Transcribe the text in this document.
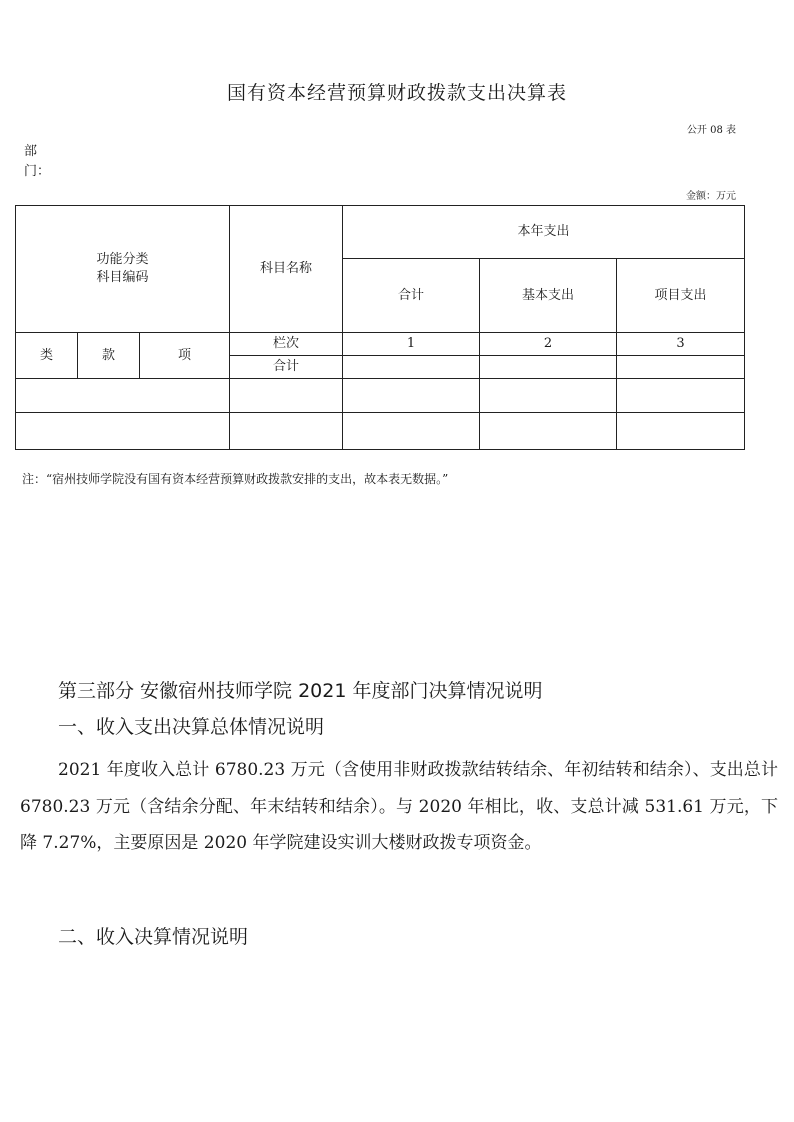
国有资本经营预算财政拨款支出决算表
公开 08 表
部门：
金额：万元
功能分类
科目编码			科目名称	本年支出		
				合计	基本支出	项目支出
类	款	项	栏次	1	2	3
			合计			

注：“宿州技师学院没有国有资本经营预算财政拨款安排的支出，故本表无数据。”
第三部分 安徽宿州技师学院 2021 年度部门决算情况说明
一、收入支出决算总体情况说明
2021 年度收入总计 6780.23 万元（含使用非财政拨款结转结余、年初结转和结余）、支出总计 6780.23 万元（含结余分配、年末结转和结余）。与 2020 年相比，收、支总计减 531.61 万元，下降 7.27%，主要原因是 2020 年学院建设实训大楼财政拨专项资金。
二、收入决算情况说明
